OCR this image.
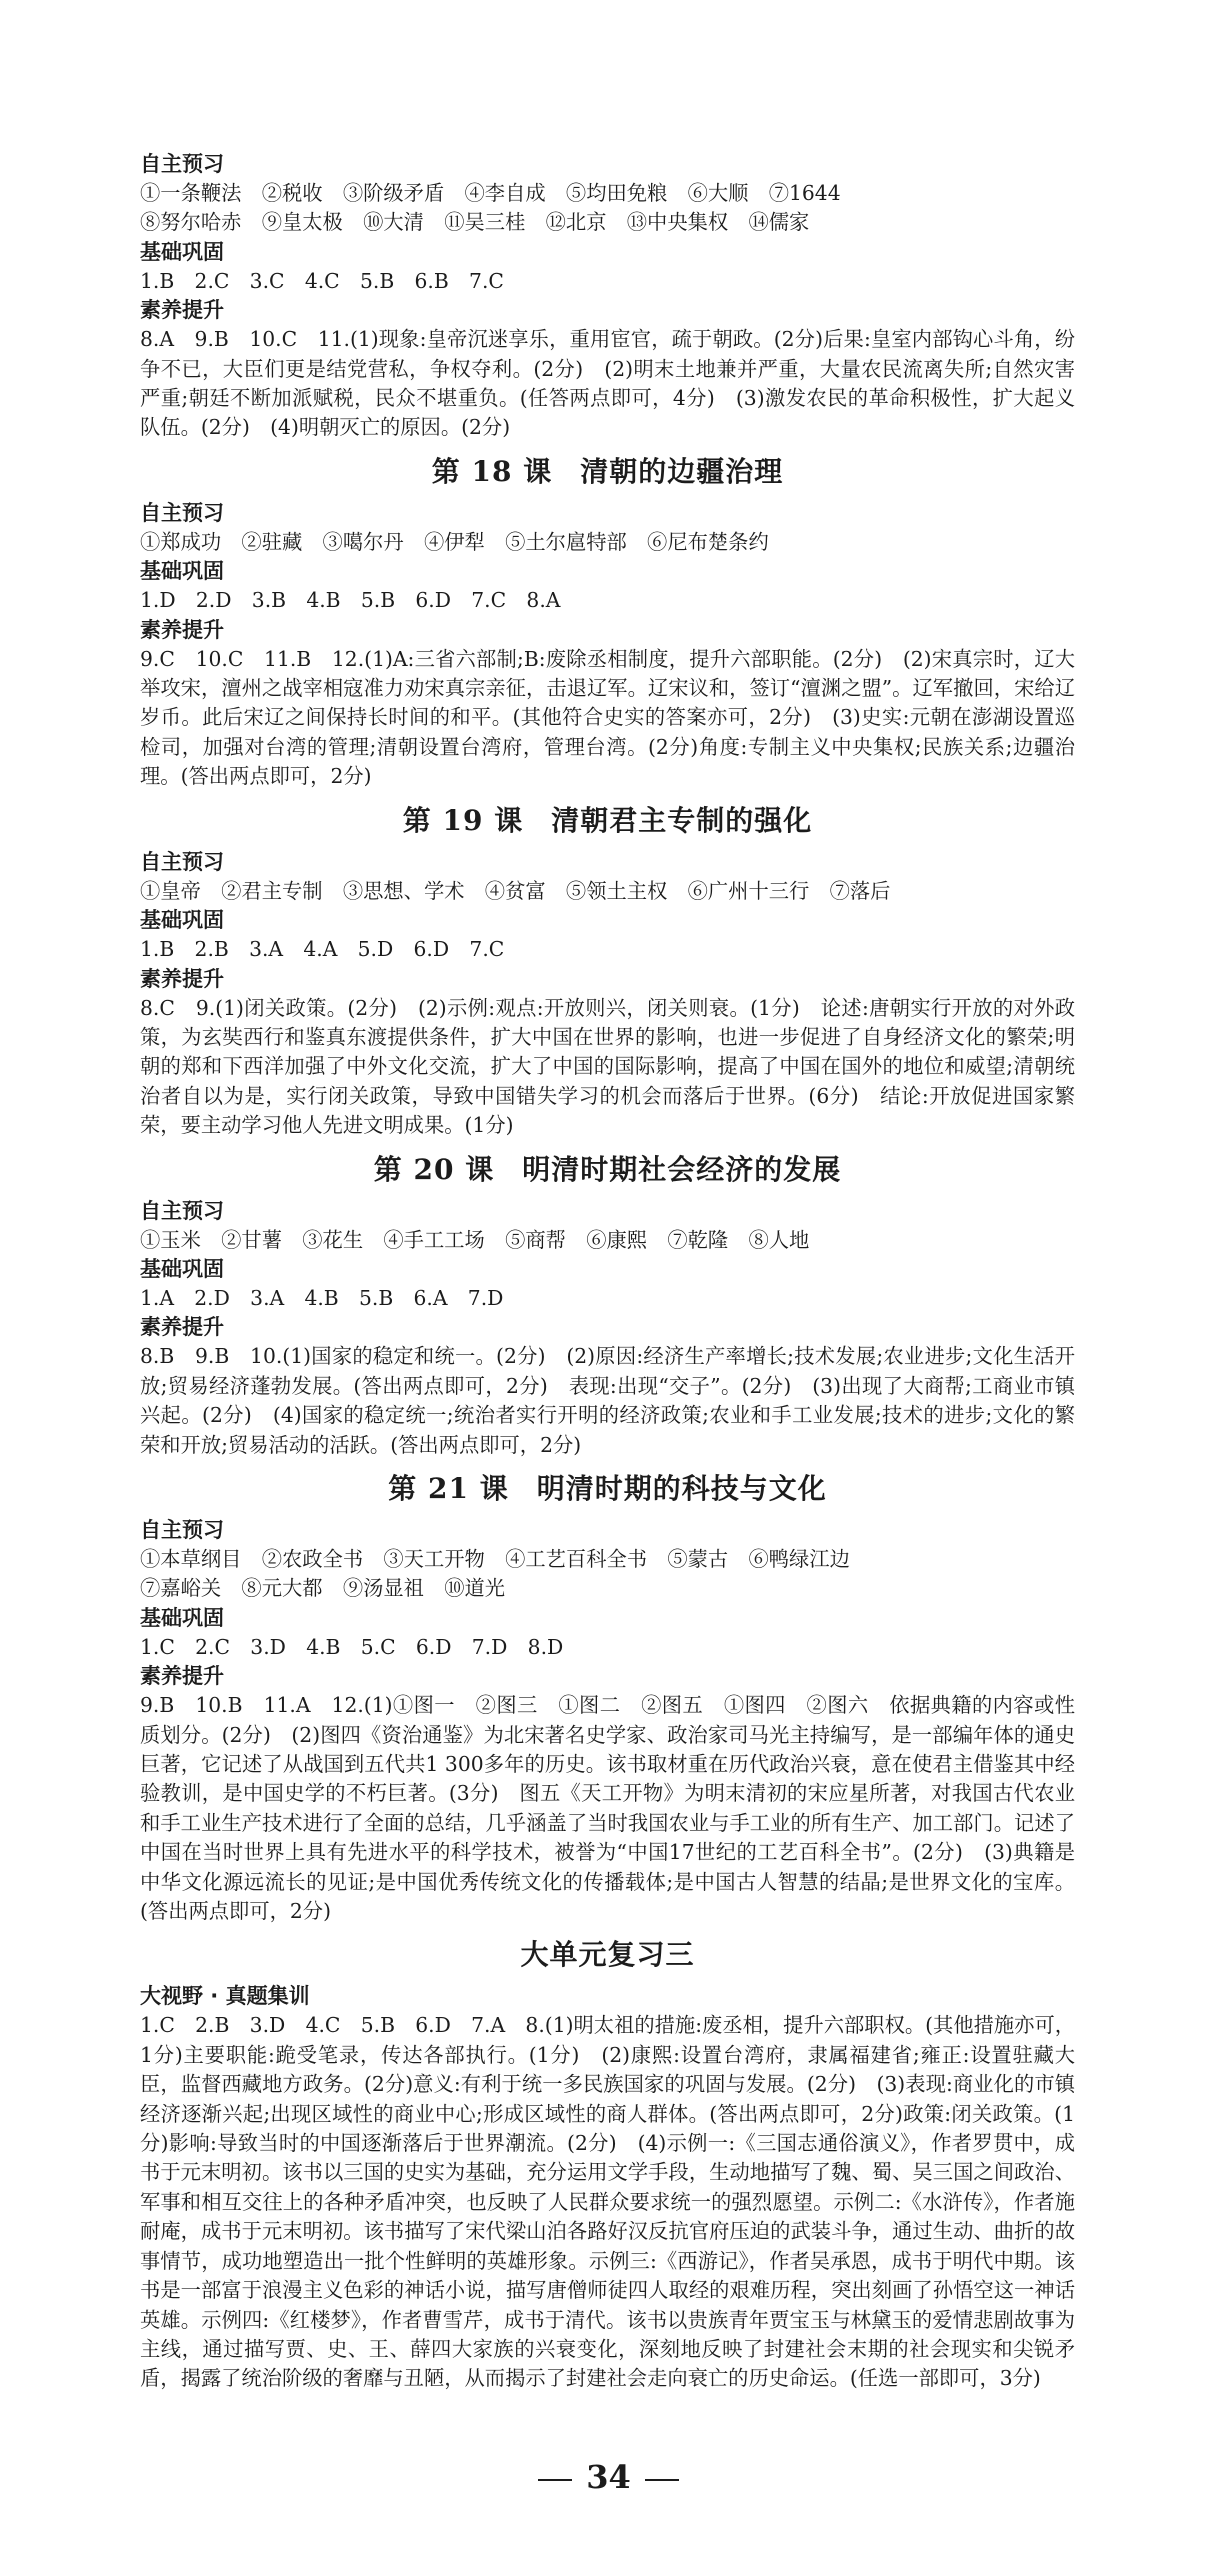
自主预习
①一条鞭法　②税收　③阶级矛盾　④李自成　⑤均田免粮　⑥大顺　⑦1644
⑧努尔哈赤　⑨皇太极　⑩大清　⑪吴三桂　⑫北京　⑬中央集权　⑭儒家
基础巩固
1.B　2.C　3.C　4.C　5.B　6.B　7.C
素养提升
8.A　9.B　10.C　11.(1)现象:皇帝沉迷享乐，重用宦官，疏于朝政。(2分)后果:皇室内部钩心斗角，纷争不已，大臣们更是结党营私，争权夺利。(2分)　(2)明末土地兼并严重，大量农民流离失所;自然灾害严重;朝廷不断加派赋税，民众不堪重负。(任答两点即可，4分)　(3)激发农民的革命积极性，扩大起义队伍。(2分)　(4)明朝灭亡的原因。(2分)
第 18 课 清朝的边疆治理
自主预习
①郑成功　②驻藏　③噶尔丹　④伊犁　⑤土尔扈特部　⑥尼布楚条约
基础巩固
1.D　2.D　3.B　4.B　5.B　6.D　7.C　8.A
素养提升
9.C　10.C　11.B　12.(1)A:三省六部制;B:废除丞相制度，提升六部职能。(2分)　(2)宋真宗时，辽大举攻宋，澶州之战宰相寇准力劝宋真宗亲征，击退辽军。辽宋议和，签订“澶渊之盟”。辽军撤回，宋给辽岁币。此后宋辽之间保持长时间的和平。(其他符合史实的答案亦可，2分)　(3)史实:元朝在澎湖设置巡检司，加强对台湾的管理;清朝设置台湾府，管理台湾。(2分)角度:专制主义中央集权;民族关系;边疆治理。(答出两点即可，2分)
第 19 课 清朝君主专制的强化
自主预习
①皇帝　②君主专制　③思想、学术　④贫富　⑤领土主权　⑥广州十三行　⑦落后
基础巩固
1.B　2.B　3.A　4.A　5.D　6.D　7.C
素养提升
8.C　9.(1)闭关政策。(2分)　(2)示例:观点:开放则兴，闭关则衰。(1分)　论述:唐朝实行开放的对外政策，为玄奘西行和鉴真东渡提供条件，扩大中国在世界的影响，也进一步促进了自身经济文化的繁荣;明朝的郑和下西洋加强了中外文化交流，扩大了中国的国际影响，提高了中国在国外的地位和威望;清朝统治者自以为是，实行闭关政策，导致中国错失学习的机会而落后于世界。(6分)　结论:开放促进国家繁荣，要主动学习他人先进文明成果。(1分)
第 20 课 明清时期社会经济的发展
自主预习
①玉米　②甘薯　③花生　④手工工场　⑤商帮　⑥康熙　⑦乾隆　⑧人地
基础巩固
1.A　2.D　3.A　4.B　5.B　6.A　7.D
素养提升
8.B　9.B　10.(1)国家的稳定和统一。(2分)　(2)原因:经济生产率增长;技术发展;农业进步;文化生活开放;贸易经济蓬勃发展。(答出两点即可，2分)　表现:出现“交子”。(2分)　(3)出现了大商帮;工商业市镇兴起。(2分)　(4)国家的稳定统一;统治者实行开明的经济政策;农业和手工业发展;技术的进步;文化的繁荣和开放;贸易活动的活跃。(答出两点即可，2分)
第 21 课 明清时期的科技与文化
自主预习
①本草纲目　②农政全书　③天工开物　④工艺百科全书　⑤蒙古　⑥鸭绿江边
⑦嘉峪关　⑧元大都　⑨汤显祖　⑩道光
基础巩固
1.C　2.C　3.D　4.B　5.C　6.D　7.D　8.D
素养提升
9.B　10.B　11.A　12.(1)①图一　②图三　①图二　②图五　①图四　②图六　依据典籍的内容或性质划分。(2分)　(2)图四《资治通鉴》为北宋著名史学家、政治家司马光主持编写，是一部编年体的通史巨著，它记述了从战国到五代共1 300多年的历史。该书取材重在历代政治兴衰，意在使君主借鉴其中经验教训，是中国史学的不朽巨著。(3分)　图五《天工开物》为明末清初的宋应星所著，对我国古代农业和手工业生产技术进行了全面的总结，几乎涵盖了当时我国农业与手工业的所有生产、加工部门。记述了中国在当时世界上具有先进水平的科学技术，被誉为“中国17世纪的工艺百科全书”。(2分)　(3)典籍是中华文化源远流长的见证;是中国优秀传统文化的传播载体;是中国古人智慧的结晶;是世界文化的宝库。(答出两点即可，2分)
大单元复习三
大视野 · 真题集训
1.C　2.B　3.D　4.C　5.B　6.D　7.A　8.(1)明太祖的措施:废丞相，提升六部职权。(其他措施亦可，1分)主要职能:跪受笔录，传达各部执行。(1分)　(2)康熙:设置台湾府，隶属福建省;雍正:设置驻藏大臣，监督西藏地方政务。(2分)意义:有利于统一多民族国家的巩固与发展。(2分)　(3)表现:商业化的市镇经济逐渐兴起;出现区域性的商业中心;形成区域性的商人群体。(答出两点即可，2分)政策:闭关政策。(1分)影响:导致当时的中国逐渐落后于世界潮流。(2分)　(4)示例一:《三国志通俗演义》，作者罗贯中，成书于元末明初。该书以三国的史实为基础，充分运用文学手段，生动地描写了魏、蜀、吴三国之间政治、军事和相互交往上的各种矛盾冲突，也反映了人民群众要求统一的强烈愿望。示例二:《水浒传》，作者施耐庵，成书于元末明初。该书描写了宋代梁山泊各路好汉反抗官府压迫的武装斗争，通过生动、曲折的故事情节，成功地塑造出一批个性鲜明的英雄形象。示例三:《西游记》，作者吴承恩，成书于明代中期。该书是一部富于浪漫主义色彩的神话小说，描写唐僧师徒四人取经的艰难历程，突出刻画了孙悟空这一神话英雄。示例四:《红楼梦》，作者曹雪芹，成书于清代。该书以贵族青年贾宝玉与林黛玉的爱情悲剧故事为主线，通过描写贾、史、王、薛四大家族的兴衰变化，深刻地反映了封建社会末期的社会现实和尖锐矛盾，揭露了统治阶级的奢靡与丑陋，从而揭示了封建社会走向衰亡的历史命运。(任选一部即可，3分)
34
